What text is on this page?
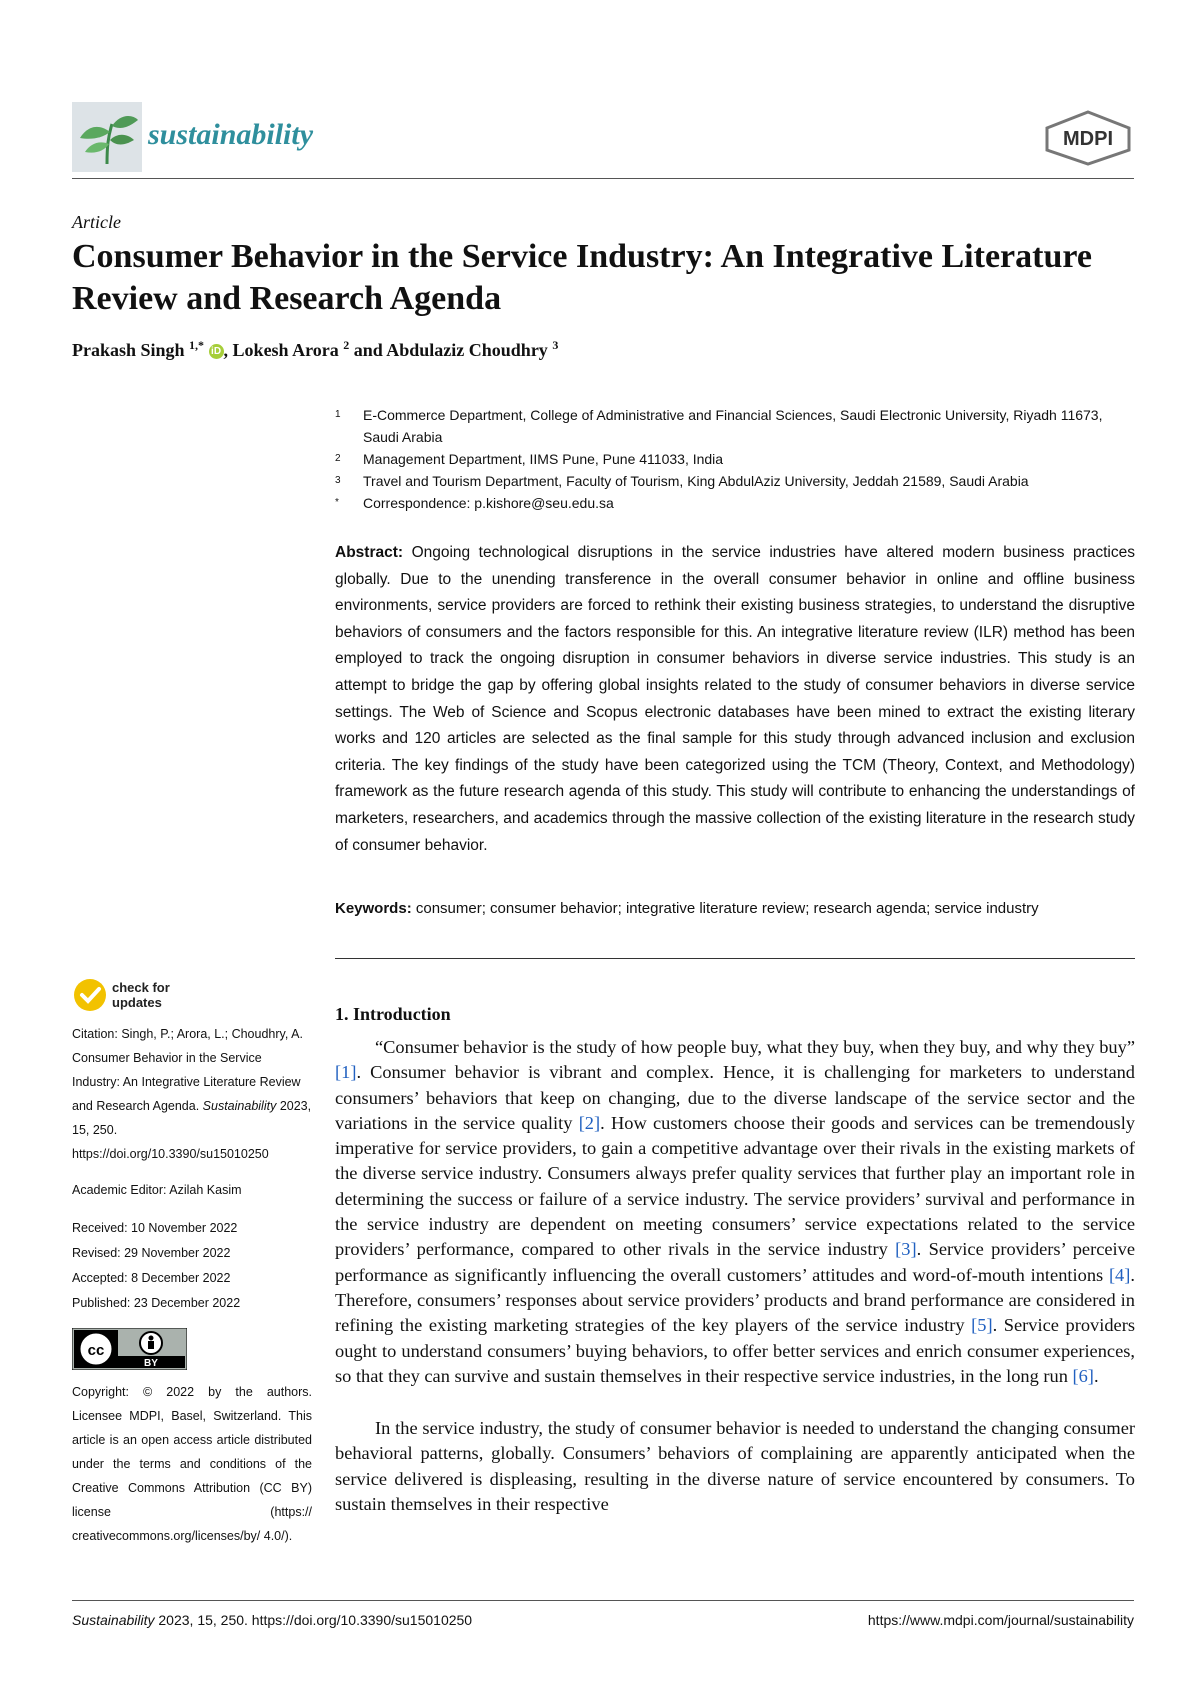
sustainability	MDPI
Article
Consumer Behavior in the Service Industry: An Integrative Literature Review and Research Agenda
Prakash Singh $^{1,*}$ iD , Lokesh Arora $^2$ and Abdulaziz Choudhry $^3$
1	E-Commerce Department, College of Administrative and Financial Sciences, Saudi Electronic University, Riyadh 11673, Saudi Arabia
2	Management Department, IIMS Pune, Pune 411033, India
3	Travel and Tourism Department, Faculty of Tourism, King AbdulAziz University, Jeddah 21589, Saudi Arabia
*	Correspondence: p.kishore@seu.edu.sa
Abstract: Ongoing technological disruptions in the service industries have altered modern business practices globally. Due to the unending transference in the overall consumer behavior in online and offline business environments, service providers are forced to rethink their existing business strategies, to understand the disruptive behaviors of consumers and the factors responsible for this. An integrative literature review (ILR) method has been employed to track the ongoing disruption in consumer behaviors in diverse service industries. This study is an attempt to bridge the gap by offering global insights related to the study of consumer behaviors in diverse service settings. The Web of Science and Scopus electronic databases have been mined to extract the existing literary works and 120 articles are selected as the final sample for this study through advanced inclusion and exclusion criteria. The key findings of the study have been categorized using the TCM (Theory, Context, and Methodology) framework as the future research agenda of this study. This study will contribute to enhancing the understandings of marketers, researchers, and academics through the massive collection of the existing literature in the research study of consumer behavior.
Keywords: consumer; consumer behavior; integrative literature review; research agenda; service industry
check for
updates
Citation: Singh, P.; Arora, L.; Choudhry, A. Consumer Behavior in the Service Industry: An Integrative Literature Review and Research Agenda. Sustainability 2023, 15, 250. https://doi.org/10.3390/su15010250
Academic Editor: Azilah Kasim
Received: 10 November 2022
Revised: 29 November 2022
Accepted: 8 December 2022
Published: 23 December 2022
cc
BY
Copyright: © 2022 by the authors. Licensee MDPI, Basel, Switzerland. This article is an open access article distributed under the terms and conditions of the Creative Commons Attribution (CC BY) license (https:// creativecommons.org/licenses/by/ 4.0/).
1. Introduction
“Consumer behavior is the study of how people buy, what they buy, when they buy, and why they buy” [1]. Consumer behavior is vibrant and complex. Hence, it is challenging for marketers to understand consumers’ behaviors that keep on changing, due to the diverse landscape of the service sector and the variations in the service quality [2]. How customers choose their goods and services can be tremendously imperative for service providers, to gain a competitive advantage over their rivals in the existing markets of the diverse service industry. Consumers always prefer quality services that further play an important role in determining the success or failure of a service industry. The service providers’ survival and performance in the service industry are dependent on meeting consumers’ service expectations related to the service providers’ performance, compared to other rivals in the service industry [3]. Service providers’ perceive performance as significantly influencing the overall customers’ attitudes and word-of-mouth intentions [4]. Therefore, consumers’ responses about service providers’ products and brand performance are considered in refining the existing marketing strategies of the key players of the service industry [5]. Service providers ought to understand consumers’ buying behaviors, to offer better services and enrich consumer experiences, so that they can survive and sustain themselves in their respective service industries, in the long run [6].
In the service industry, the study of consumer behavior is needed to understand the changing consumer behavioral patterns, globally. Consumers’ behaviors of complaining are apparently anticipated when the service delivered is displeasing, resulting in the diverse nature of service encountered by consumers. To sustain themselves in their respective
Sustainability 2023, 15, 250. https://doi.org/10.3390/su15010250	https://www.mdpi.com/journal/sustainability
